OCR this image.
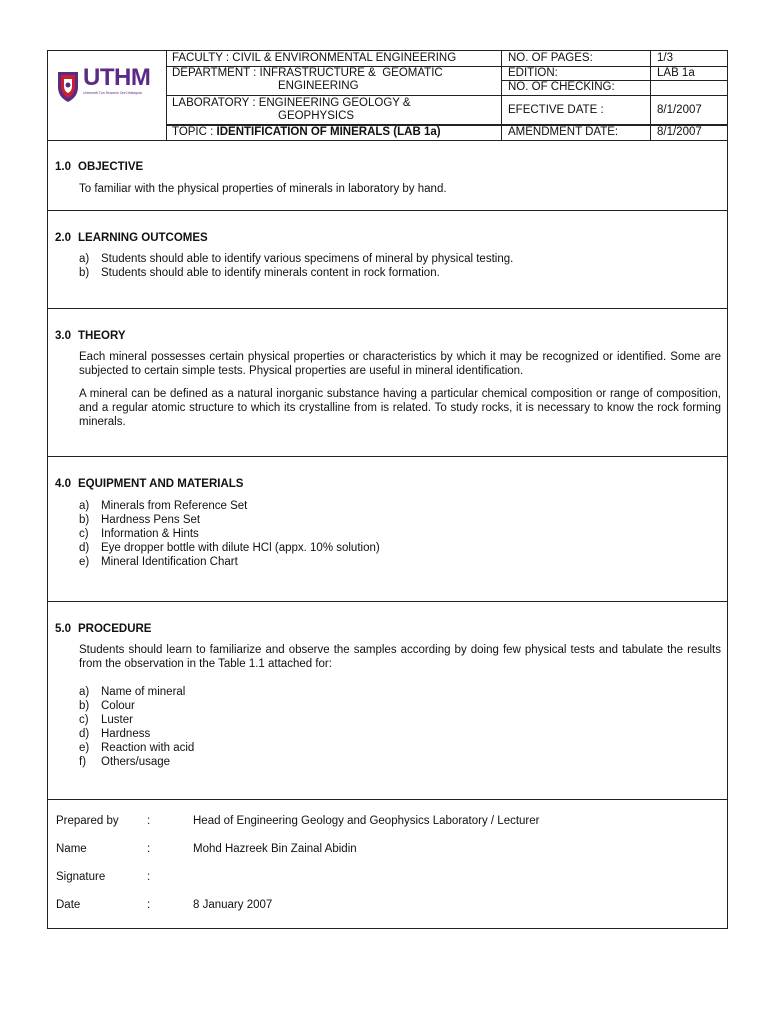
UTHM
Universiti Tun Hussein Onn Malaysia
FACULTY : CIVIL & ENVIRONMENTAL ENGINEERING	NO. OF PAGES:	1/3
DEPARTMENT : INFRASTRUCTURE &  GEOMATIC
ENGINEERING
EDITION:	LAB 1a
NO. OF CHECKING:
LABORATORY : ENGINEERING GEOLOGY &
GEOPHYSICS	EFECTIVE DATE :	8/1/2007
TOPIC : IDENTIFICATION OF MINERALS (LAB 1a)	AMENDMENT DATE:	8/1/2007
1.0 OBJECTIVE

To familiar with the physical properties of minerals in laboratory by hand.

2.0 LEARNING OUTCOMES
a) Students should able to identify various specimens of mineral by physical testing.
b) Students should able to identify minerals content in rock formation.
3.0 THEORY

Each mineral possesses certain physical properties or characteristics by which it may be recognized or identified. Some are subjected to certain simple tests. Physical properties are useful in mineral identification.

A mineral can be defined as a natural inorganic substance having a particular chemical composition or range of composition, and a regular atomic structure to which its crystalline from is related. To study rocks, it is necessary to know the rock forming minerals.

4.0 EQUIPMENT AND MATERIALS
a) Minerals from Reference Set
b) Hardness Pens Set
c) Information & Hints
d) Eye dropper bottle with dilute HCl (appx. 10% solution)
e) Mineral Identification Chart
5.0 PROCEDURE

Students should learn to familiarize and observe the samples according by doing few physical tests and tabulate the results from the observation in the Table 1.1 attached for:

a) Name of mineral
b) Colour
c) Luster
d) Hardness
e) Reaction with acid
f) Others/usage
Prepared by	:	Head of Engineering Geology and Geophysics Laboratory / Lecturer
Name	:	Mohd Hazreek Bin Zainal Abidin
Signature	:
Date	:	8 January 2007
